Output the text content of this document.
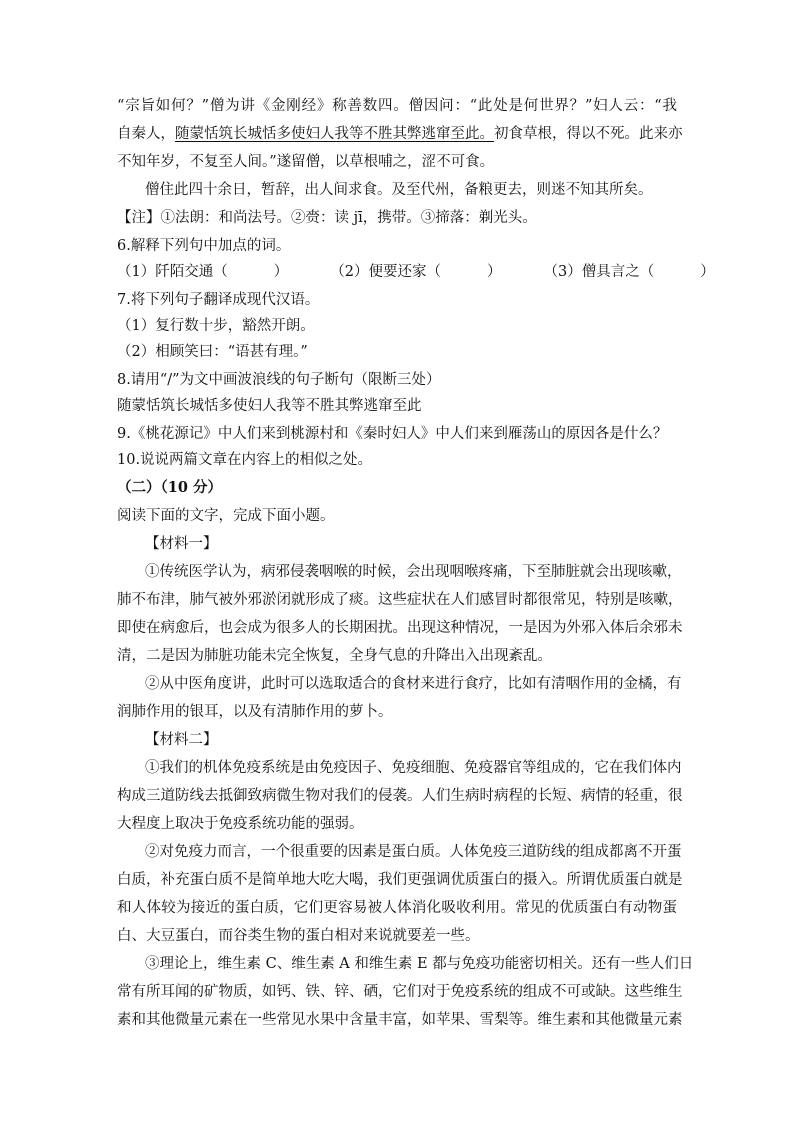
“宗旨如何？”僧为讲《金刚经》称善数四。僧因问：“此处是何世界？”妇人云：“我
自秦人，随蒙恬筑长城恬多使妇人我等不胜其弊逃窜至此。初食草根，得以不死。此来亦
不知年岁，不复至人间。”遂留僧，以草根哺之，涩不可食。
僧住此四十余日，暂辞，出人间求食。及至代州，备粮更去，则迷不知其所矣。
【注】①法朗：和尚法号。②赍：读 jī，携带。③揥落：剃光头。
6.解释下列句中加点的词。
（1）阡陌交通（	）	（2）便要还家（	）	（3）僧具言之（	）
7.将下列句子翻译成现代汉语。
（1）复行数十步，豁然开朗。
（2）相顾笑曰：“语甚有理。”
8.请用“/”为文中画波浪线的句子断句（限断三处）
随蒙恬筑长城恬多使妇人我等不胜其弊逃窜至此
9.《桃花源记》中人们来到桃源村和《秦时妇人》中人们来到雁荡山的原因各是什么？
10.说说两篇文章在内容上的相似之处。
（二）（10 分）
阅读下面的文字，完成下面小题。
【材料一】
①传统医学认为，病邪侵袭咽喉的时候，会出现咽喉疼痛，下至肺脏就会出现咳嗽，
肺不布津，肺气被外邪淤闭就形成了痰。这些症状在人们感冒时都很常见，特别是咳嗽，
即使在病愈后，也会成为很多人的长期困扰。出现这种情况，一是因为外邪入体后余邪未
清，二是因为肺脏功能未完全恢复，全身气息的升降出入出现紊乱。
②从中医角度讲，此时可以选取适合的食材来进行食疗，比如有清咽作用的金橘，有
润肺作用的银耳，以及有清肺作用的萝卜。
【材料二】
①我们的机体免疫系统是由免疫因子、免疫细胞、免疫器官等组成的，它在我们体内
构成三道防线去抵御致病微生物对我们的侵袭。人们生病时病程的长短、病情的轻重，很
大程度上取决于免疫系统功能的强弱。
②对免疫力而言，一个很重要的因素是蛋白质。人体免疫三道防线的组成都离不开蛋
白质，补充蛋白质不是简单地大吃大喝，我们更强调优质蛋白的摄入。所谓优质蛋白就是
和人体较为接近的蛋白质，它们更容易被人体消化吸收利用。常见的优质蛋白有动物蛋
白、大豆蛋白，而谷类生物的蛋白相对来说就要差一些。
③理论上，维生素 C、维生素 A 和维生素 E 都与免疫功能密切相关。还有一些人们日
常有所耳闻的矿物质，如钙、铁、锌、硒，它们对于免疫系统的组成不可或缺。这些维生
素和其他微量元素在一些常见水果中含量丰富，如苹果、雪梨等。维生素和其他微量元素
